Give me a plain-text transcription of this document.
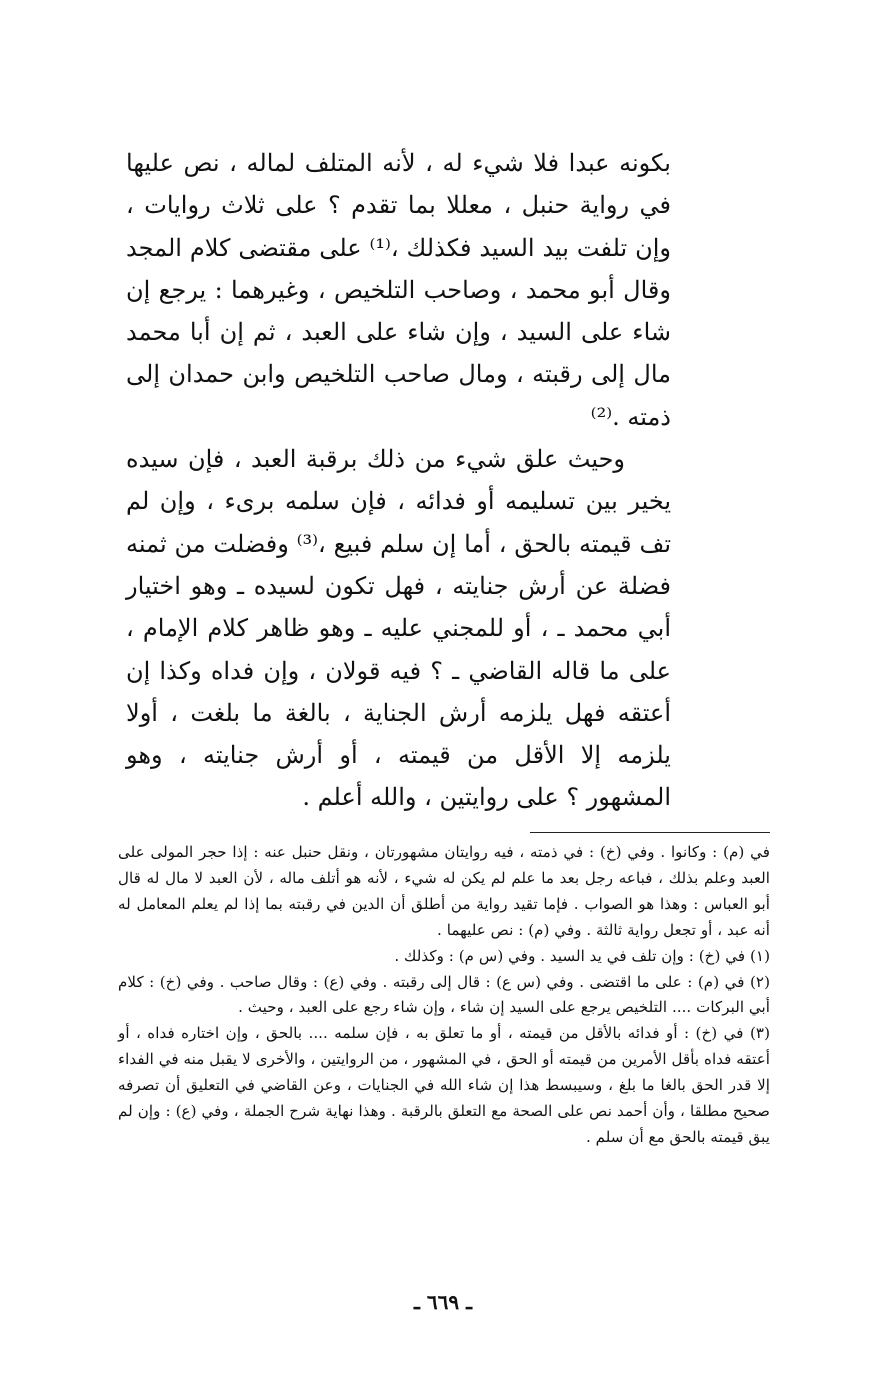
بكونه عبدا فلا شيء له ، لأنه المتلف لماله ، نص عليها في رواية حنبل ، معللا بما تقدم ؟ على ثلاث روايات ، وإن تلفت بيد السيد فكذلك ،⁽¹⁾ على مقتضى كلام المجد وقال أبو محمد ، وصاحب التلخيص ، وغيرهما : يرجع إن شاء على السيد ، وإن شاء على العبد ، ثم إن أبا محمد مال إلى رقبته ، ومال صاحب التلخيص وابن حمدان إلى ذمته .⁽²⁾

وحيث علق شيء من ذلك برقبة العبد ، فإن سيده يخير بين تسليمه أو فدائه ، فإن سلمه برىء ، وإن لم تف قيمته بالحق ، أما إن سلم فبيع ،⁽³⁾ وفضلت من ثمنه فضلة عن أرش جنايته ، فهل تكون لسيده ـ وهو اختيار أبي محمد ـ ، أو للمجني عليه ـ وهو ظاهر كلام الإمام ، على ما قاله القاضي ـ ؟ فيه قولان ، وإن فداه وكذا إن أعتقه فهل يلزمه أرش الجناية ، بالغة ما بلغت ، أولا يلزمه إلا الأقل من قيمته ، أو أرش جنايته ، وهو المشهور ؟ على روايتين ، والله أعلم .

في (م) : وكانوا . وفي (خ) : في ذمته ، فيه روايتان مشهورتان ، ونقل حنبل عنه : إذا حجر المولى على العبد وعلم بذلك ، فباعه رجل بعد ما علم لم يكن له شيء ، لأنه هو أتلف ماله ، لأن العبد لا مال له قال أبو العباس : وهذا هو الصواب . فإما تقيد رواية من أطلق أن الدين في رقبته بما إذا لم يعلم المعامل له أنه عبد ، أو تجعل رواية ثالثة . وفي (م) : نص عليهما .

(١) في (خ) : وإن تلف في يد السيد . وفي (س م) : وكذلك .

(٢) في (م) : على ما اقتضى . وفي (س ع) : قال إلى رقبته . وفي (ع) : وقال صاحب . وفي (خ) : كلام أبي البركات .... التلخيص يرجع على السيد إن شاء ، وإن شاء رجع على العبد ، وحيث .

(٣) في (خ) : أو فدائه بالأقل من قيمته ، أو ما تعلق به ، فإن سلمه .... بالحق ، وإن اختاره فداه ، أو أعتقه فداه بأقل الأمرين من قيمته أو الحق ، في المشهور ، من الروايتين ، والأخرى لا يقبل منه في الفداء إلا قدر الحق بالغا ما بلغ ، وسيبسط هذا إن شاء الله في الجنايات ، وعن القاضي في التعليق أن تصرفه صحيح مطلقا ، وأن أحمد نص على الصحة مع التعلق بالرقبة . وهذا نهاية شرح الجملة ، وفي (ع) : وإن لم يبق قيمته بالحق مع أن سلم .

ـ ٦٦٩ ـ
